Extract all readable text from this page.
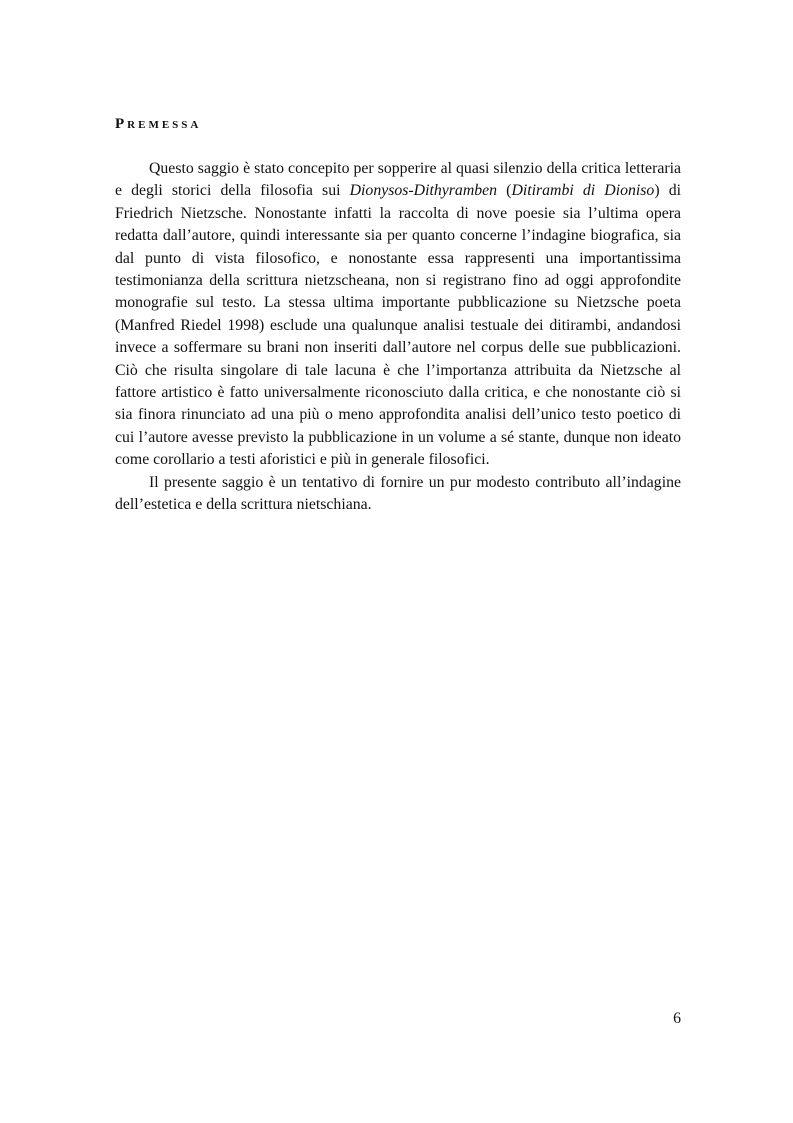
Premessa

Questo saggio è stato concepito per sopperire al quasi silenzio della critica letteraria e degli storici della filosofia sui Dionysos-Dithyramben (Ditirambi di Dioniso) di Friedrich Nietzsche. Nonostante infatti la raccolta di nove poesie sia l’ultima opera redatta dall’autore, quindi interessante sia per quanto concerne l’indagine biografica, sia dal punto di vista filosofico, e nonostante essa rappresenti una importantissima testimonianza della scrittura nietzscheana, non si registrano fino ad oggi approfondite monografie sul testo. La stessa ultima importante pubblicazione su Nietzsche poeta (Manfred Riedel 1998) esclude una qualunque analisi testuale dei ditirambi, andandosi invece a soffermare su brani non inseriti dall’autore nel corpus delle sue pubblicazioni. Ciò che risulta singolare di tale lacuna è che l’importanza attribuita da Nietzsche al fattore artistico è fatto universalmente riconosciuto dalla critica, e che nonostante ciò si sia finora rinunciato ad una più o meno approfondita analisi dell’unico testo poetico di cui l’autore avesse previsto la pubblicazione in un volume a sé stante, dunque non ideato come corollario a testi aforistici e più in generale filosofici.

Il presente saggio è un tentativo di fornire un pur modesto contributo all’indagine dell’estetica e della scrittura nietschiana.

6
